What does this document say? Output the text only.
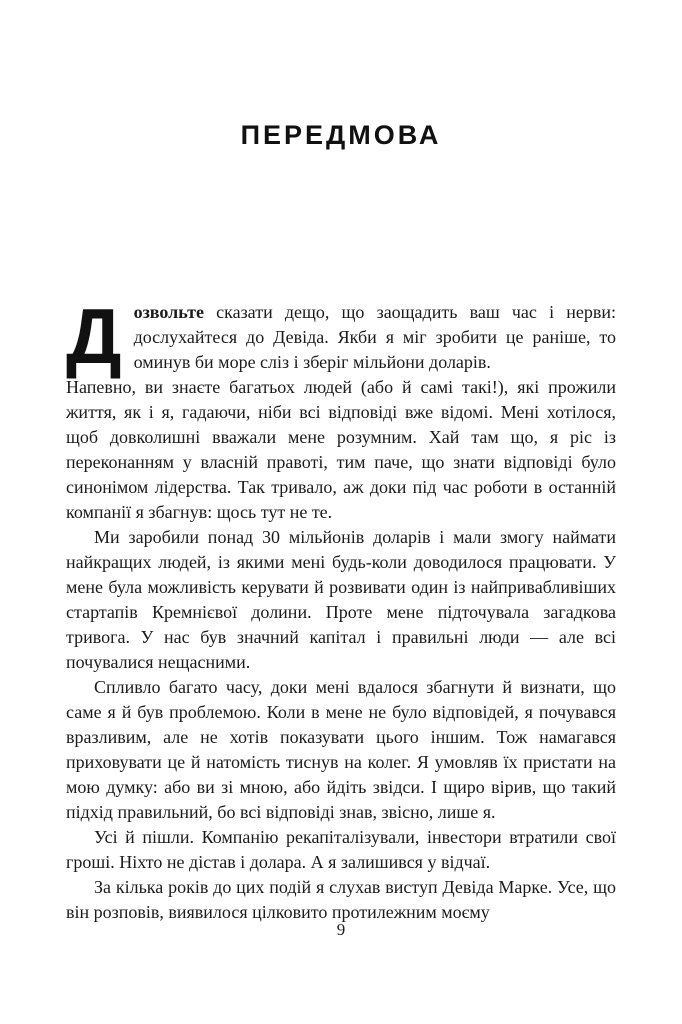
ПЕРЕДМОВА

Дозвольте сказати дещо, що заощадить ваш час і нерви: дослухайтеся до Девіда. Якби я міг зробити це раніше, то оминув би море сліз і зберіг мільйони доларів.

Напевно, ви знаєте багатьох людей (або й самі такі!), які прожили життя, як і я, гадаючи, ніби всі відповіді вже відомі. Мені хотілося, щоб довколишні вважали мене розумним. Хай там що, я ріс із переконанням у власній правоті, тим паче, що знати відповіді було синонімом лідерства. Так тривало, аж доки під час роботи в останній компанії я збагнув: щось тут не те.

Ми заробили понад 30 мільйонів доларів і мали змогу наймати найкращих людей, із якими мені будь-коли доводилося працювати. У мене була можливість керувати й розвивати один із найпривабливіших стартапів Кремнієвої долини. Проте мене підточувала загадкова тривога. У нас був значний капітал і правильні люди — але всі почувалися нещасними.

Спливло багато часу, доки мені вдалося збагнути й визнати, що саме я й був проблемою. Коли в мене не було відповідей, я почувався вразливим, але не хотів показувати цього іншим. Тож намагався приховувати це й натомість тиснув на колег. Я умовляв їх пристати на мою думку: або ви зі мною, або йдіть звідси. І щиро вірив, що такий підхід правильний, бо всі відповіді знав, звісно, лише я.

Усі й пішли. Компанію рекапіталізували, інвестори втратили свої гроші. Ніхто не дістав і долара. А я залишився у відчаї.

За кілька років до цих подій я слухав виступ Девіда Марке. Усе, що він розповів, виявилося цілковито протилежним моєму

9
